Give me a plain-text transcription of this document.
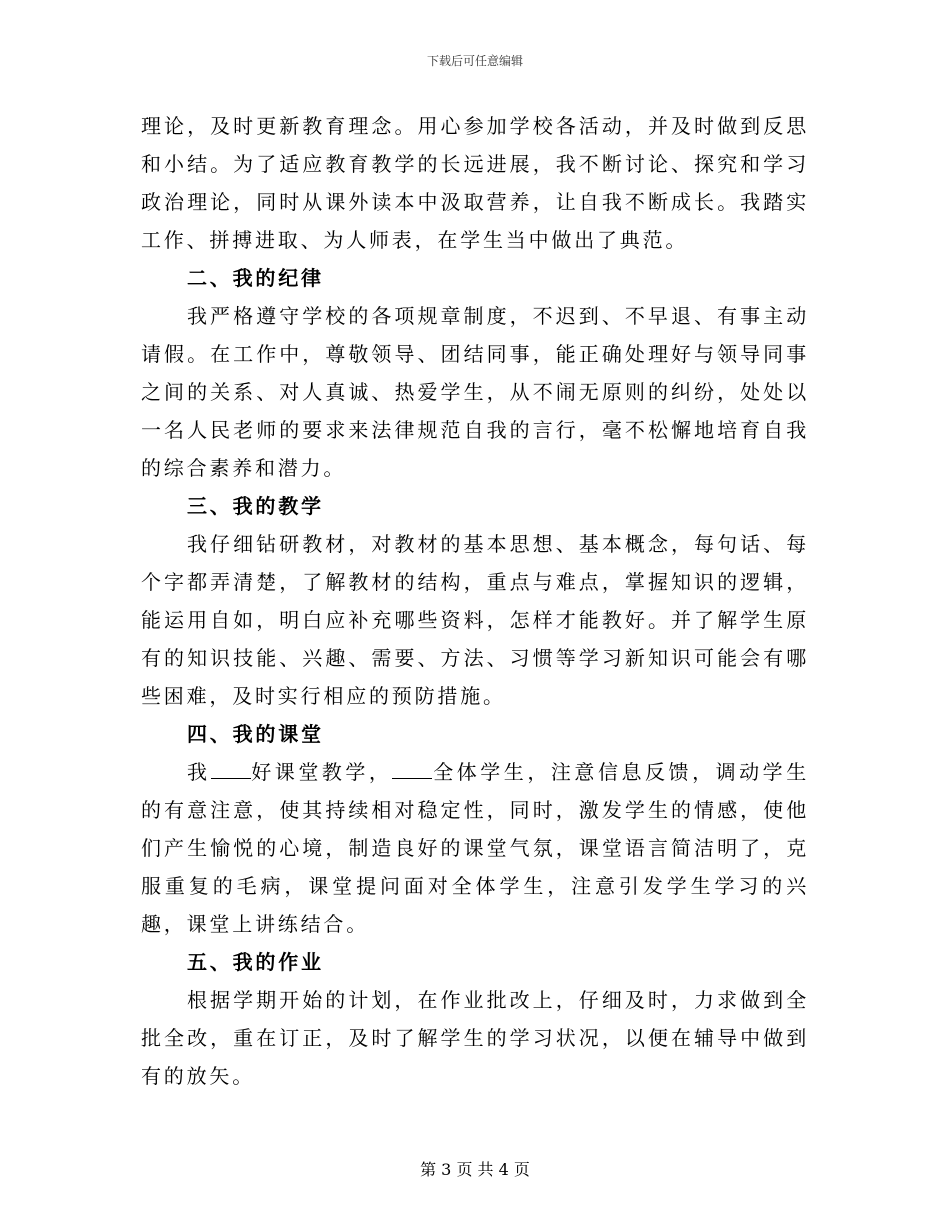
下载后可任意编辑

理论，及时更新教育理念。用心参加学校各活动，并及时做到反思和小结。为了适应教育教学的长远进展，我不断讨论、探究和学习政治理论，同时从课外读本中汲取营养，让自我不断成长。我踏实工作、拼搏进取、为人师表，在学生当中做出了典范。

二、我的纪律

我严格遵守学校的各项规章制度，不迟到、不早退、有事主动请假。在工作中，尊敬领导、团结同事，能正确处理好与领导同事之间的关系、对人真诚、热爱学生，从不闹无原则的纠纷，处处以一名人民老师的要求来法律规范自我的言行，毫不松懈地培育自我的综合素养和潜力。

三、我的教学

我仔细钻研教材，对教材的基本思想、基本概念，每句话、每个字都弄清楚，了解教材的结构，重点与难点，掌握知识的逻辑，能运用自如，明白应补充哪些资料，怎样才能教好。并了解学生原有的知识技能、兴趣、需要、方法、习惯等学习新知识可能会有哪些困难，及时实行相应的预防措施。

四、我的课堂

我 好课堂教学， 全体学生，注意信息反馈，调动学生的有意注意，使其持续相对稳定性，同时，激发学生的情感，使他们产生愉悦的心境，制造良好的课堂气氛，课堂语言简洁明了，克服重复的毛病，课堂提问面对全体学生，注意引发学生学习的兴趣，课堂上讲练结合。

五、我的作业

根据学期开始的计划，在作业批改上，仔细及时，力求做到全批全改，重在订正，及时了解学生的学习状况，以便在辅导中做到有的放矢。

第 3 页 共 4 页
